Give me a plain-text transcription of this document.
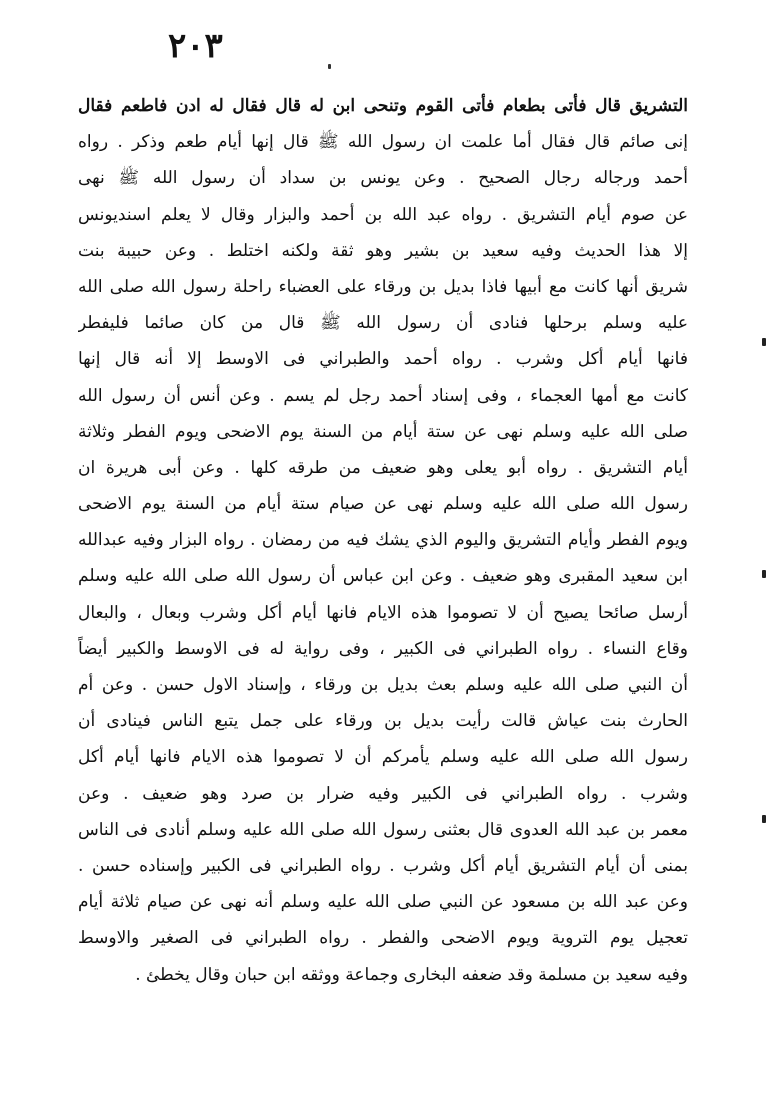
٢٠٣
التشريق قال فأتى بطعام فأتى القوم وتنحى ابن له قال فقال له ادن فاطعم فقال
إنى صائم قال فقال أما علمت ان رسول الله ﷺ قال إنها أيام طعم وذكر . رواه
أحمد ورجاله رجال الصحيح . وعن يونس بن سداد أن رسول الله ﷺ نهى
عن صوم أيام التشريق . رواه عبد الله بن أحمد والبزار وقال لا يعلم اسنديونس
إلا هذا الحديث وفيه سعيد بن بشير وهو ثقة ولكنه اختلط . وعن حبيبة بنت
شريق أنها كانت مع أبيها فاذا بديل بن ورقاء على العضباء راحلة رسول الله صلى الله
عليه وسلم برحلها فنادى أن رسول الله ﷺ قال من كان صائما فليفطر
فانها أيام أكل وشرب . رواه أحمد والطبراني فى الاوسط إلا أنه قال إنها
كانت مع أمها العجماء ، وفى إسناد أحمد رجل لم يسم . وعن أنس أن رسول الله
صلى الله عليه وسلم نهى عن ستة أيام من السنة يوم الاضحى ويوم الفطر وثلاثة
أيام التشريق . رواه أبو يعلى وهو ضعيف من طرقه كلها . وعن أبى هريرة ان
رسول الله صلى الله عليه وسلم نهى عن صيام ستة أيام من السنة يوم الاضحى
ويوم الفطر وأيام التشريق واليوم الذي يشك فيه من رمضان . رواه البزار وفيه عبدالله
ابن سعيد المقبرى وهو ضعيف . وعن ابن عباس أن رسول الله صلى الله عليه وسلم
أرسل صائحا يصيح أن لا تصوموا هذه الايام فانها أيام أكل وشرب وبعال ، والبعال
وقاع النساء . رواه الطبراني فى الكبير ، وفى رواية له فى الاوسط والكبير أيضاً
أن النبي صلى الله عليه وسلم بعث بديل بن ورقاء ، وإسناد الاول حسن . وعن أم
الحارث بنت عياش قالت رأيت بديل بن ورقاء على جمل يتبع الناس فينادى أن
رسول الله صلى الله عليه وسلم يأمركم أن لا تصوموا هذه الايام فانها أيام أكل
وشرب . رواه الطبراني فى الكبير وفيه ضرار بن صرد وهو ضعيف . وعن
معمر بن عبد الله العدوى قال بعثنى رسول الله صلى الله عليه وسلم أنادى فى الناس
بمنى أن أيام التشريق أيام أكل وشرب . رواه الطبراني فى الكبير وإسناده حسن .
وعن عبد الله بن مسعود عن النبي صلى الله عليه وسلم أنه نهى عن صيام ثلاثة أيام
تعجيل يوم التروية ويوم الاضحى والفطر . رواه الطبراني فى الصغير والاوسط
وفيه سعيد بن مسلمة وقد ضعفه البخارى وجماعة ووثقه ابن حبان وقال يخطئ .
